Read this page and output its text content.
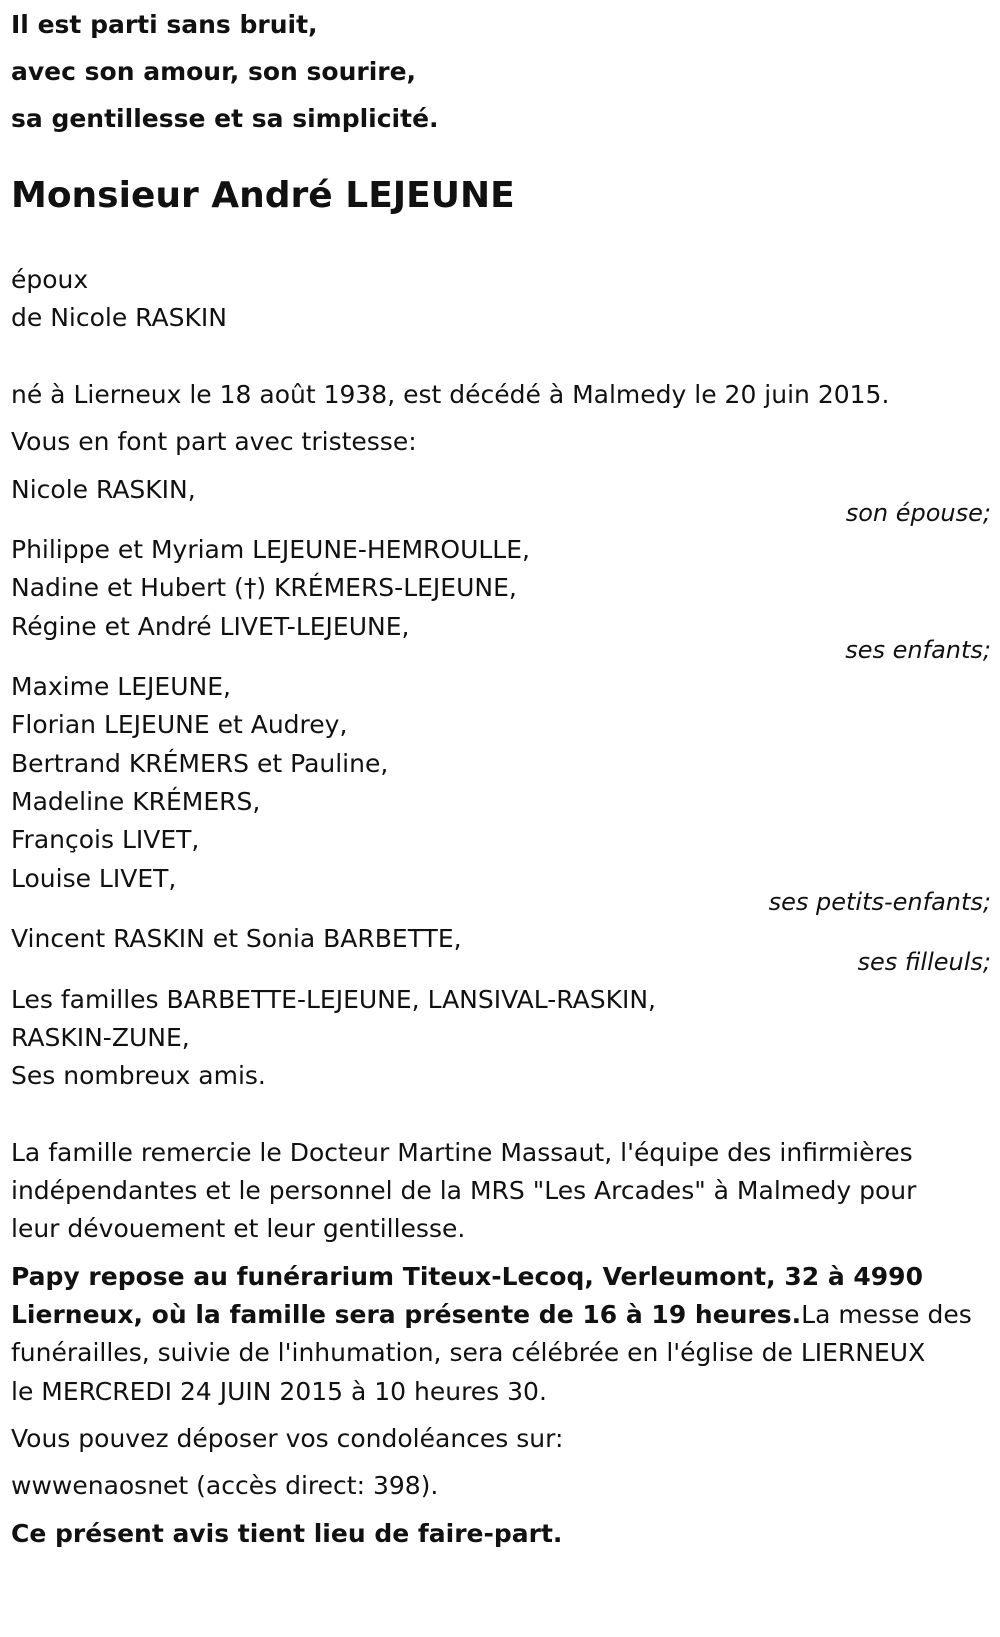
Il est parti sans bruit,
avec son amour, son sourire,
sa gentillesse et sa simplicité.
Monsieur André LEJEUNE
époux
de Nicole RASKIN
né à Lierneux le 18 août 1938, est décédé à Malmedy le 20 juin 2015.
Vous en font part avec tristesse:
Nicole RASKIN,
son épouse;
Philippe et Myriam LEJEUNE-HEMROULLE,
Nadine et Hubert (†) KRÉMERS-LEJEUNE,
Régine et André LIVET-LEJEUNE,
ses enfants;
Maxime LEJEUNE,
Florian LEJEUNE et Audrey,
Bertrand KRÉMERS et Pauline,
Madeline KRÉMERS,
François LIVET,
Louise LIVET,
ses petits-enfants;
Vincent RASKIN et Sonia BARBETTE,
ses filleuls;
Les familles BARBETTE-LEJEUNE, LANSIVAL-RASKIN,
RASKIN-ZUNE,
Ses nombreux amis.
La famille remercie le Docteur Martine Massaut, l'équipe des infirmières
indépendantes et le personnel de la MRS "Les Arcades" à Malmedy pour
leur dévouement et leur gentillesse.
Papy repose au funérarium Titeux-Lecoq, Verleumont, 32 à 4990
Lierneux, où la famille sera présente de 16 à 19 heures.La messe des
funérailles, suivie de l'inhumation, sera célébrée en l'église de LIERNEUX
le MERCREDI 24 JUIN 2015 à 10 heures 30.
Vous pouvez déposer vos condoléances sur:
wwwenaosnet (accès direct: 398).
Ce présent avis tient lieu de faire-part.
